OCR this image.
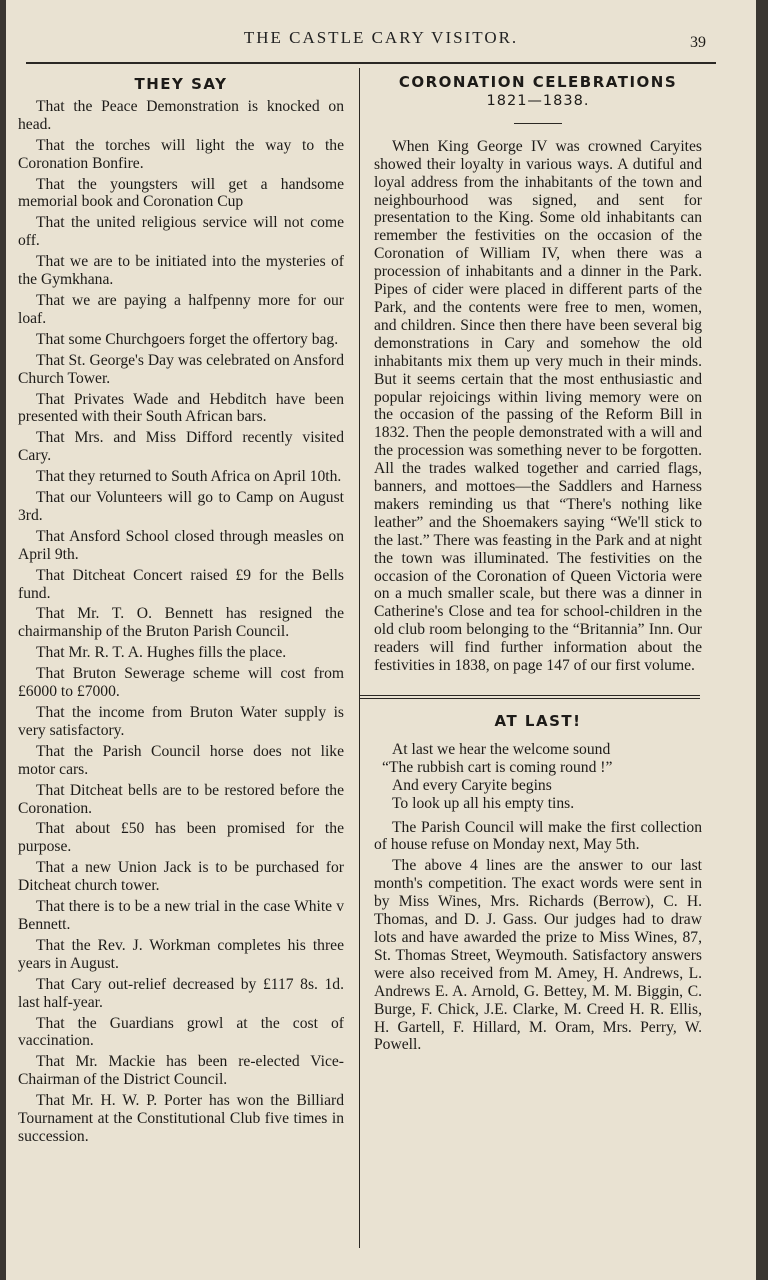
THE CASTLE CARY VISITOR.	39
THEY SAY

That the Peace Demonstration is knocked on head.

That the torches will light the way to the Coronation Bonfire.

That the youngsters will get a handsome memorial book and Coronation Cup

That the united religious service will not come off.

That we are to be initiated into the mysteries of the Gymkhana.

That we are paying a halfpenny more for our loaf.

That some Churchgoers forget the offertory bag.

That St. George's Day was celebrated on Ansford Church Tower.

That Privates Wade and Hebditch have been presented with their South African bars.

That Mrs. and Miss Difford recently visited Cary.

That they returned to South Africa on April 10th.

That our Volunteers will go to Camp on August 3rd.

That Ansford School closed through measles on April 9th.

That Ditcheat Concert raised £9 for the Bells fund.

That Mr. T. O. Bennett has resigned the chairmanship of the Bruton Parish Council.

That Mr. R. T. A. Hughes fills the place.

That Bruton Sewerage scheme will cost from £6000 to £7000.

That the income from Bruton Water supply is very satisfactory.

That the Parish Council horse does not like motor cars.

That Ditcheat bells are to be restored before the Coronation.

That about £50 has been promised for the purpose.

That a new Union Jack is to be purchased for Ditcheat church tower.

That there is to be a new trial in the case White v Bennett.

That the Rev. J. Workman completes his three years in August.

That Cary out-relief decreased by £117 8s. 1d. last half-year.

That the Guardians growl at the cost of vaccination.

That Mr. Mackie has been re-elected Vice-Chairman of the District Council.

That Mr. H. W. P. Porter has won the Billiard Tournament at the Constitutional Club five times in succession.

CORONATION CELEBRATIONS
1821—1838.

When King George IV was crowned Caryites showed their loyalty in various ways. A dutiful and loyal address from the inhabitants of the town and neighbourhood was signed, and sent for presentation to the King. Some old inhabitants can remember the festivities on the occasion of the Coronation of William IV, when there was a procession of inhabitants and a dinner in the Park. Pipes of cider were placed in different parts of the Park, and the contents were free to men, women, and children. Since then there have been several big demonstrations in Cary and somehow the old inhabitants mix them up very much in their minds. But it seems certain that the most enthusiastic and popular rejoicings within living memory were on the occasion of the passing of the Reform Bill in 1832. Then the people demonstrated with a will and the procession was something never to be forgotten. All the trades walked together and carried flags, banners, and mottoes—the Saddlers and Harness makers reminding us that “There's nothing like leather” and the Shoemakers saying “We'll stick to the last.” There was feasting in the Park and at night the town was illuminated. The festivities on the occasion of the Coronation of Queen Victoria were on a much smaller scale, but there was a dinner in Catherine's Close and tea for school-children in the old club room belonging to the “Britannia” Inn. Our readers will find further information about the festivities in 1838, on page 147 of our first volume.

AT LAST!
At last we hear the welcome sound
“The rubbish cart is coming round !”
And every Caryite begins
To look up all his empty tins.

The Parish Council will make the first collection of house refuse on Monday next, May 5th.

The above 4 lines are the answer to our last month's competition. The exact words were sent in by Miss Wines, Mrs. Richards (Berrow), C. H. Thomas, and D. J. Gass. Our judges had to draw lots and have awarded the prize to Miss Wines, 87, St. Thomas Street, Weymouth. Satisfactory answers were also received from M. Amey, H. Andrews, L. Andrews E. A. Arnold, G. Bettey, M. M. Biggin, C. Burge, F. Chick, J.E. Clarke, M. Creed H. R. Ellis, H. Gartell, F. Hillard, M. Oram, Mrs. Perry, W. Powell.
